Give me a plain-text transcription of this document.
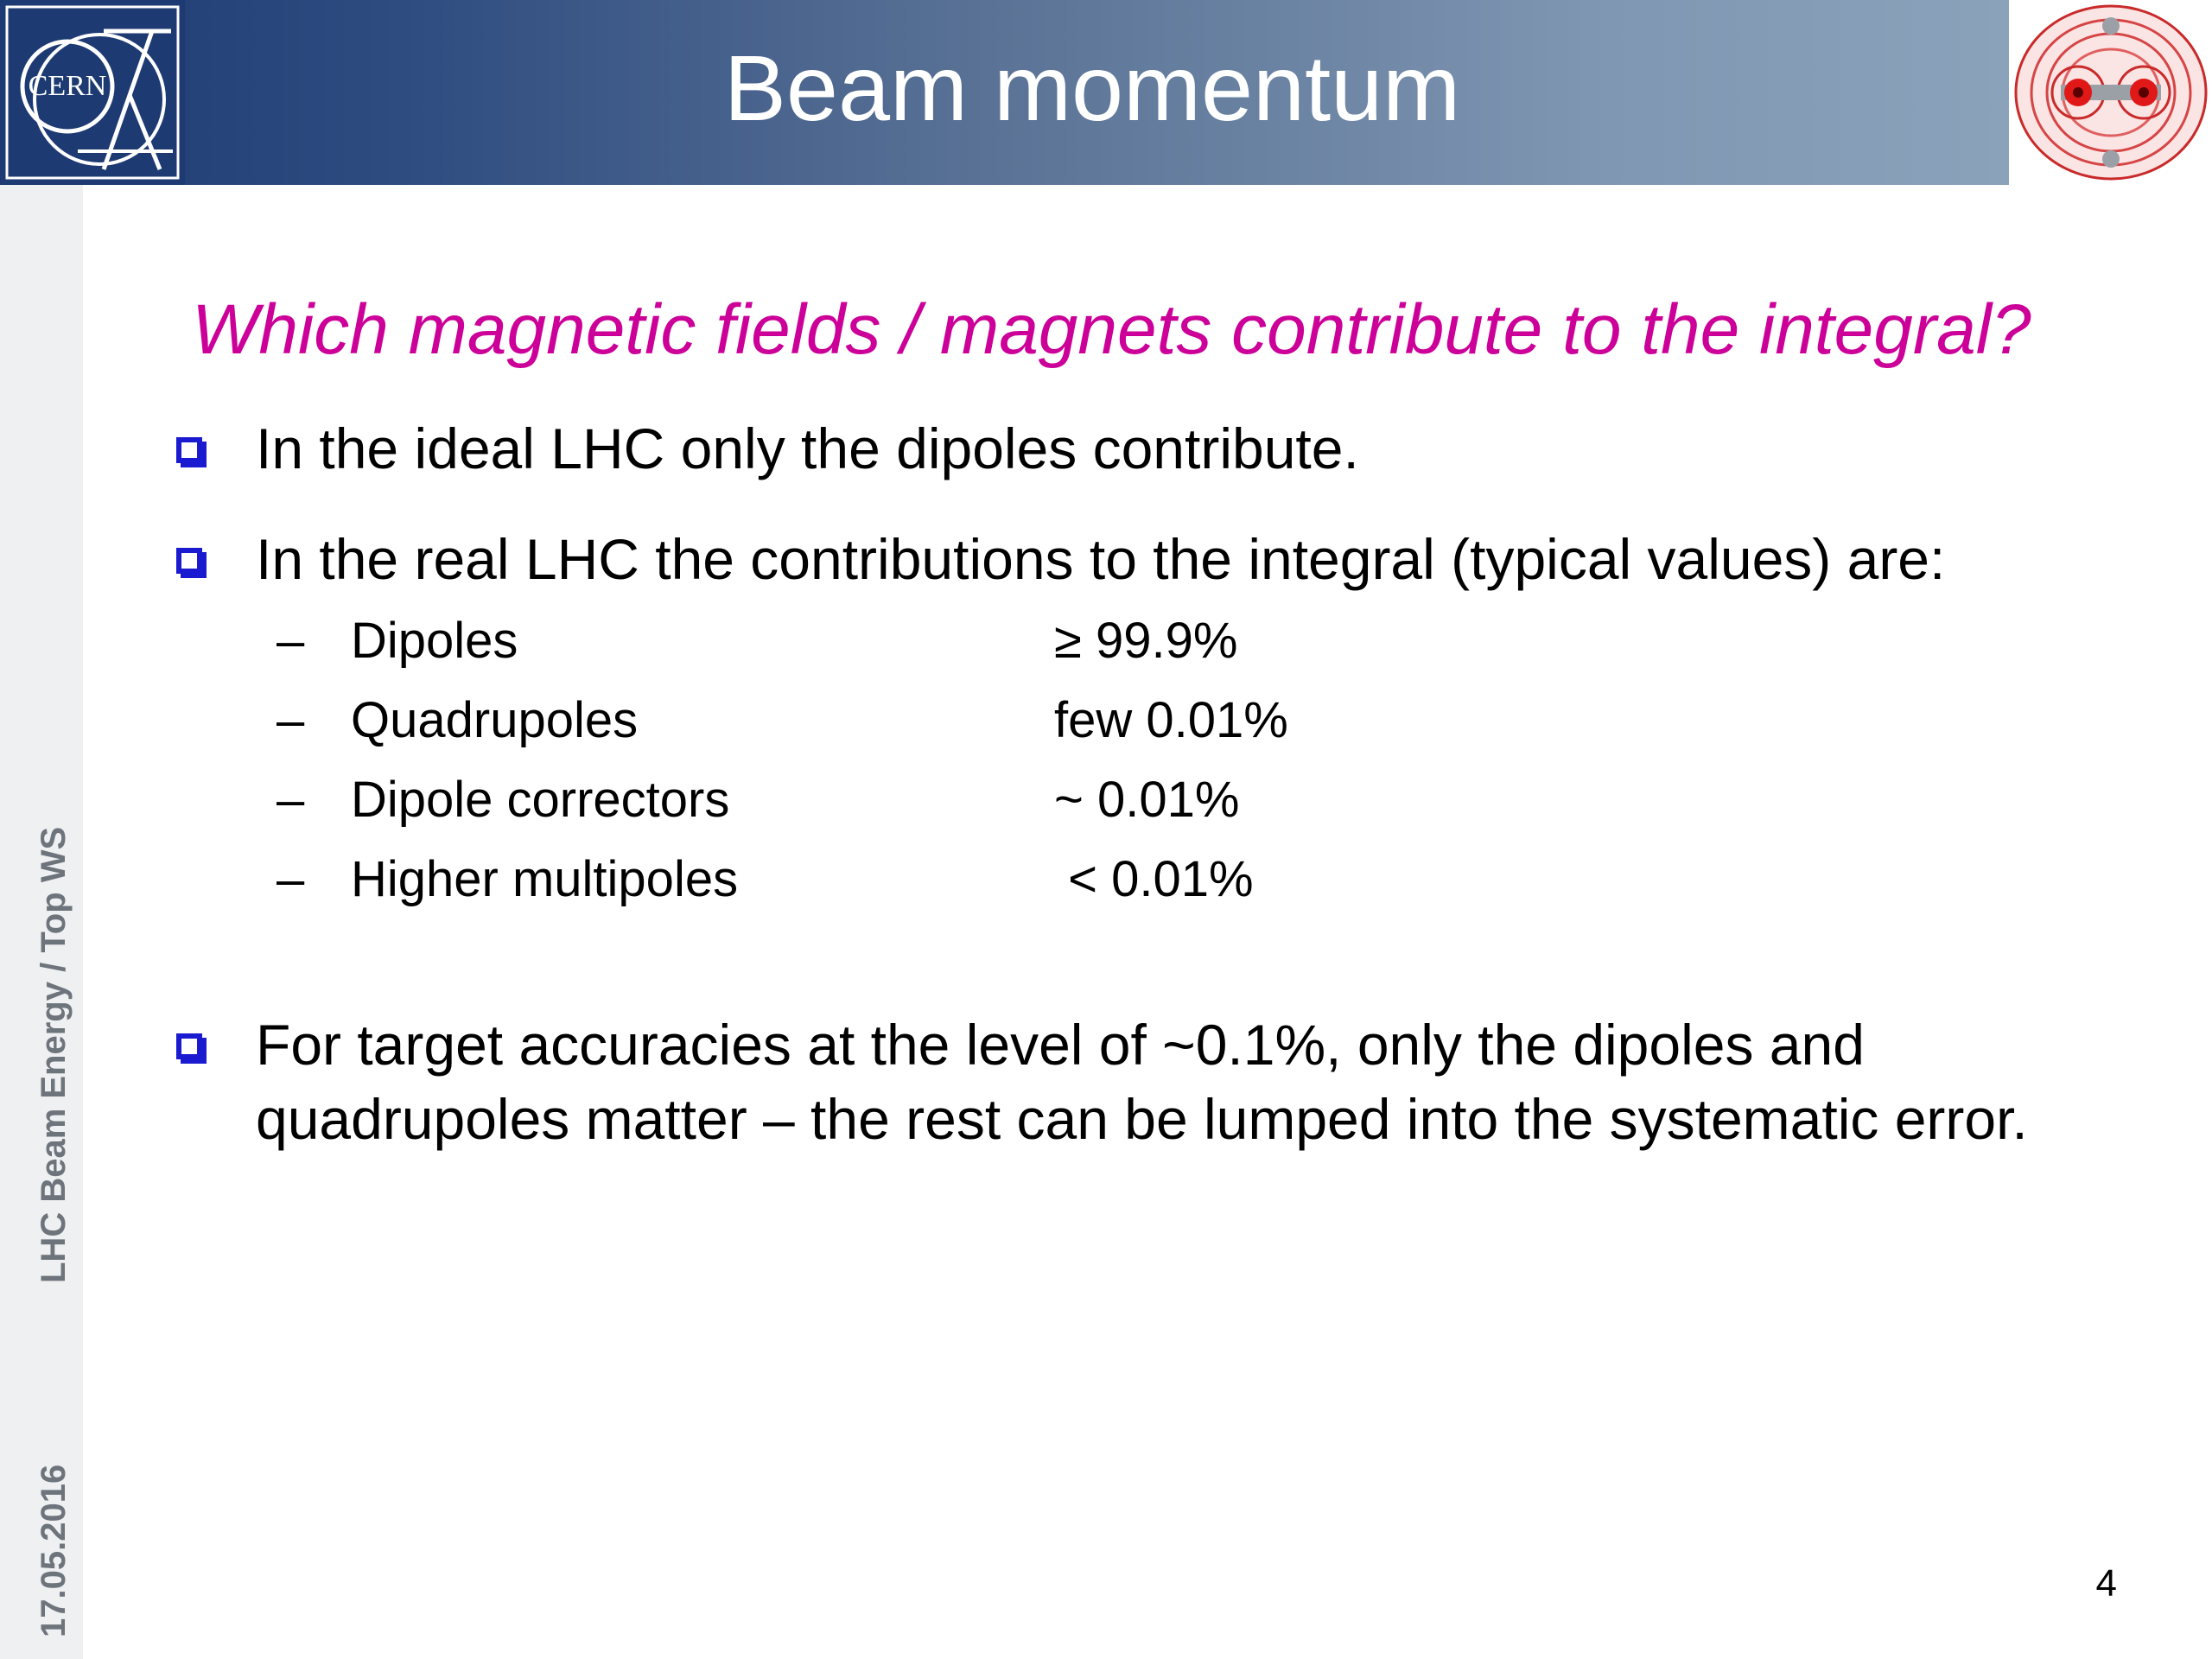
CERN	Beam momentum
17.05.2016
LHC Beam Energy / Top WS
Which magnetic fields / magnets contribute to the integral?
In the ideal LHC only the dipoles contribute.
In the real LHC the contributions to the integral (typical values) are:
– Dipoles	≥ 99.9%
– Quadrupoles	few 0.01%
– Dipole correctors	~ 0.01%
– Higher multipoles	< 0.01%
For target accuracies at the level of ~0.1%, only the dipoles and quadrupoles matter – the rest can be lumped into the systematic error.
4
